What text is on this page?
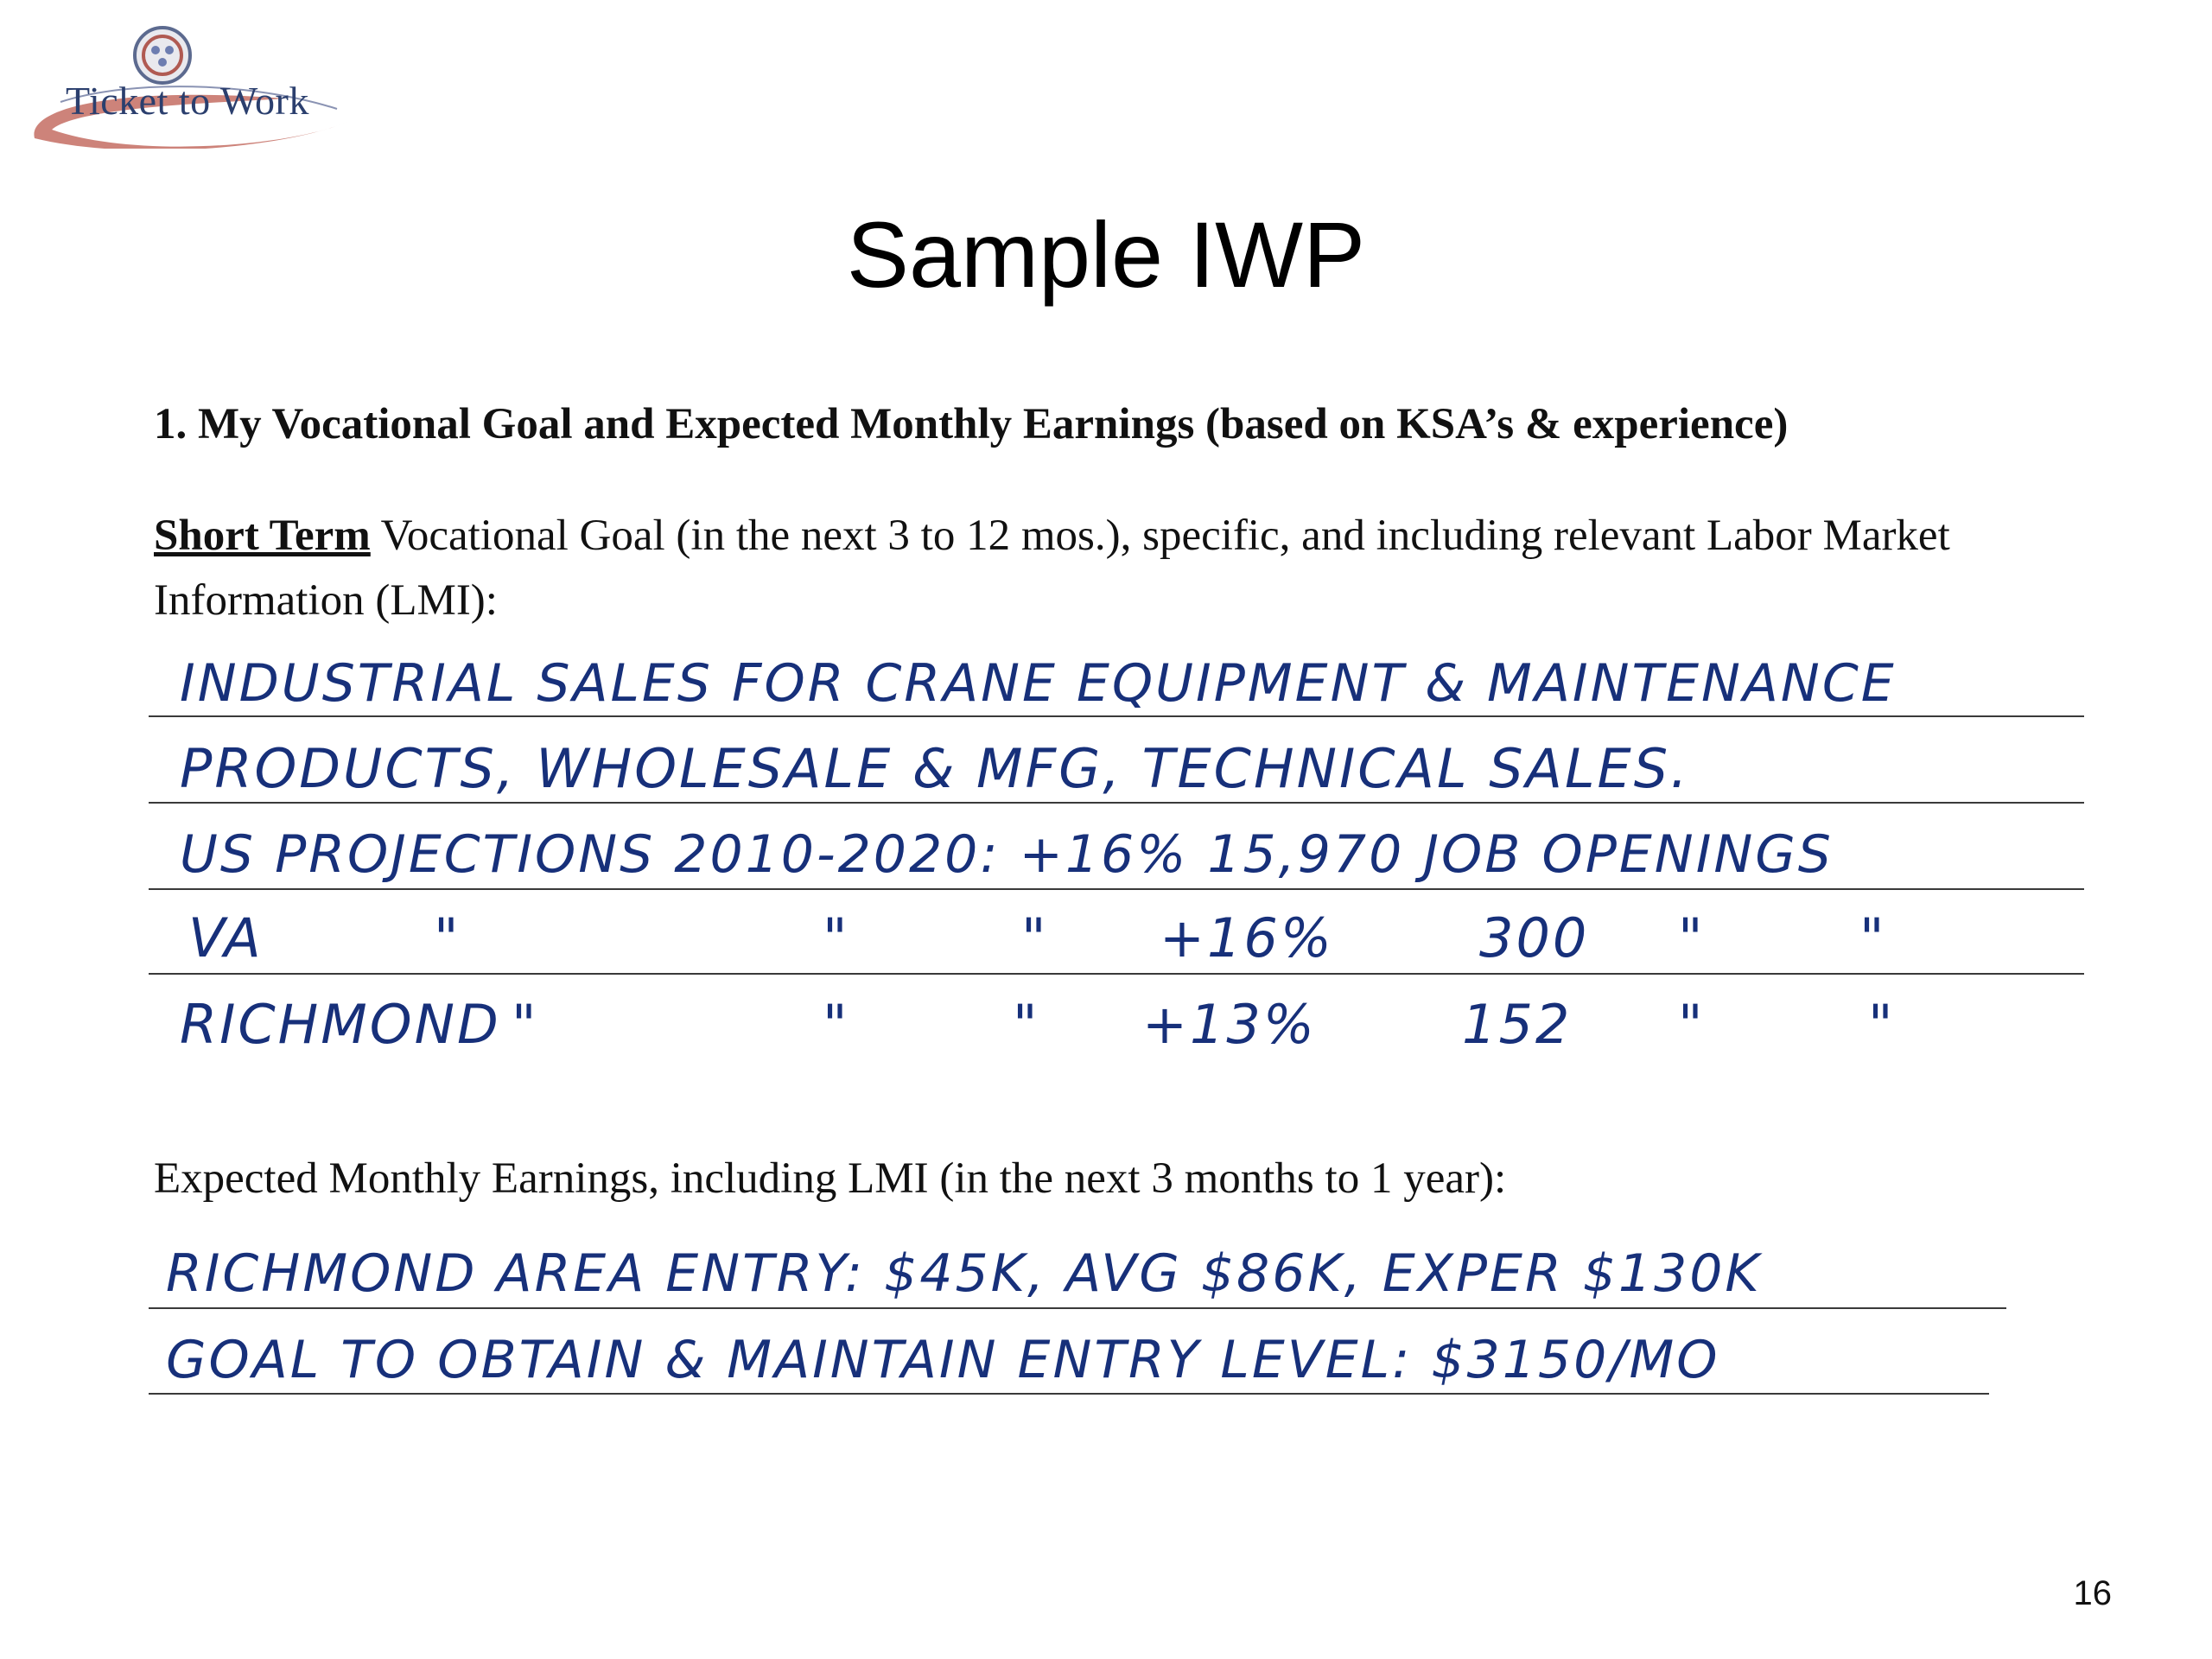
Ticket to Work
Sample IWP

1. My Vocational Goal and Expected Monthly Earnings (based on KSA’s & experience)

Short Term Vocational Goal (in the next 3 to 12 mos.), specific, and including relevant Labor Market Information (LMI):
INDUSTRIAL SALES FOR CRANE EQUIPMENT & MAINTENANCE
PRODUCTS, WHOLESALE & MFG, TECHNICAL SALES.
US PROJECTIONS 2010-2020: +16% 15,970 JOB OPENINGS
VA	"	"	" +16%	300 "	"
RICHMOND "	"	" +13%	152 "	"
Expected Monthly Earnings, including LMI (in the next 3 months to 1 year):
RICHMOND AREA ENTRY: $45K, AVG $86K, EXPER $130K
GOAL TO OBTAIN & MAINTAIN ENTRY LEVEL: $3150/MO
16
